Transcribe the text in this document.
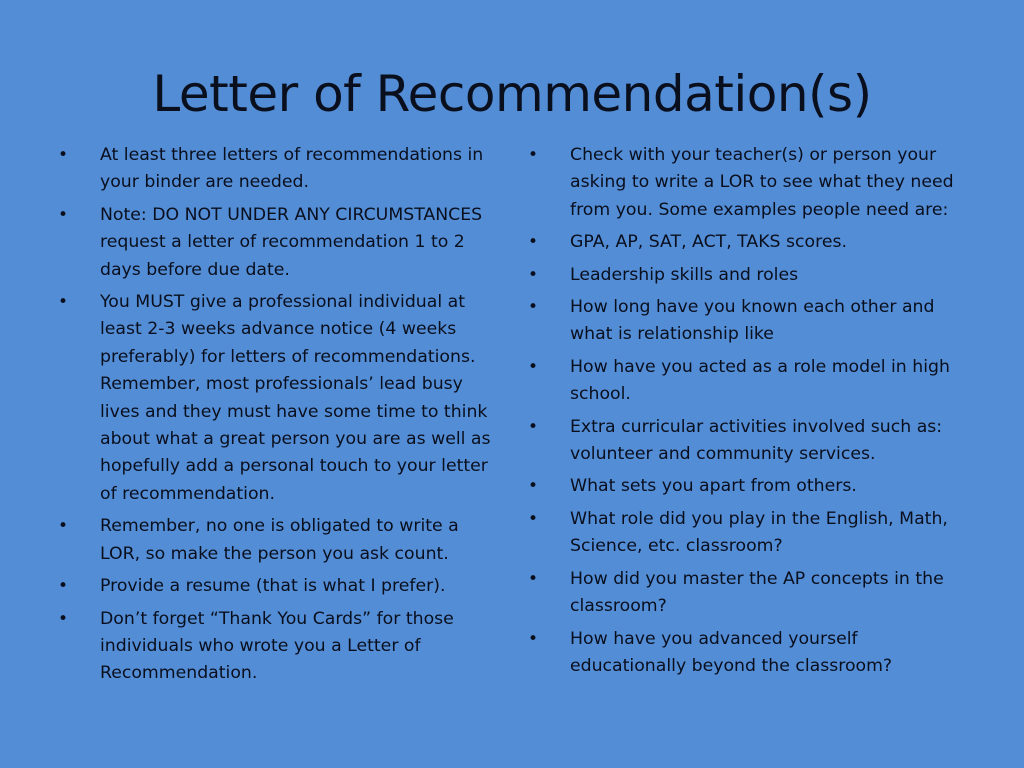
Letter of Recommendation(s)
• At least three letters of recommendations in your binder are needed.
• Note: DO NOT UNDER ANY CIRCUMSTANCES request a letter of recommendation 1 to 2 days before due date.
• You MUST give a professional individual at least 2-3 weeks advance notice (4 weeks preferably) for letters of recommendations. Remember, most professionals’ lead busy lives and they must have some time to think about what a great person you are as well as hopefully add a personal touch to your letter of recommendation.
• Remember, no one is obligated to write a LOR, so make the person you ask count.
• Provide a resume (that is what I prefer).
• Don’t forget “Thank You Cards” for those individuals who wrote you a Letter of Recommendation.
• Check with your teacher(s) or person your asking to write a LOR to see what they need from you. Some examples people need are:
• GPA, AP, SAT, ACT, TAKS scores.
• Leadership skills and roles
• How long have you known each other and what is relationship like
• How have you acted as a role model in high school.
• Extra curricular activities involved such as: volunteer and community services.
• What sets you apart from others.
• What role did you play in the English, Math, Science, etc. classroom?
• How did you master the AP concepts in the classroom?
• How have you advanced yourself educationally beyond the classroom?
